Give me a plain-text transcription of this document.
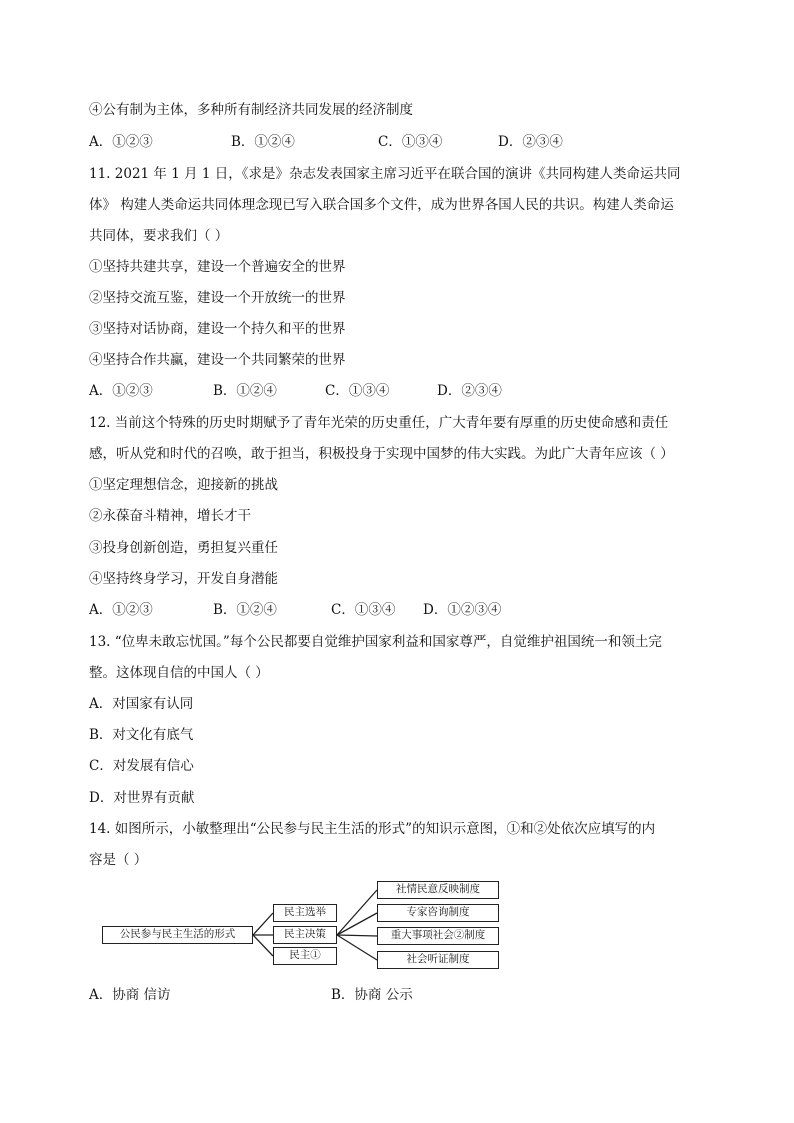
④公有制为主体，多种所有制经济共同发展的经济制度
A．①②③	B．①②④	C．①③④	D．②③④
11. 2021 年 1 月 1 日，《求是》杂志发表国家主席习近平在联合国的演讲《共同构建人类命运共同
体》 构建人类命运共同体理念现已写入联合国多个文件，成为世界各国人民的共识。构建人类命运
共同体，要求我们（ ）
①坚持共建共享，建设一个普遍安全的世界
②坚持交流互鉴，建设一个开放统一的世界
③坚持对话协商，建设一个持久和平的世界
④坚持合作共赢，建设一个共同繁荣的世界
A．①②③	B．①②④	C．①③④	D．②③④
12. 当前这个特殊的历史时期赋予了青年光荣的历史重任，广大青年要有厚重的历史使命感和责任
感，听从党和时代的召唤，敢于担当，积极投身于实现中国梦的伟大实践。为此广大青年应该（ ）
①坚定理想信念，迎接新的挑战
②永葆奋斗精神，增长才干
③投身创新创造，勇担复兴重任
④坚持终身学习，开发自身潜能
A．①②③	B．①②④	C．①③④ D．①②③④
13. “位卑未敢忘忧国。”每个公民都要自觉维护国家利益和国家尊严，自觉维护祖国统一和领土完
整。这体现自信的中国人（ ）
A．对国家有认同
B．对文化有底气
C．对发展有信心
D．对世界有贡献
14. 如图所示，小敏整理出“公民参与民主生活的形式”的知识示意图，①和②处依次应填写的内
容是（ ）
公民参与民主生活的形式
民主选举
民主决策
民主①
社情民意反映制度
专家咨询制度
重大事项社会②制度
社会听证制度
A．协商 信访	B．协商 公示
